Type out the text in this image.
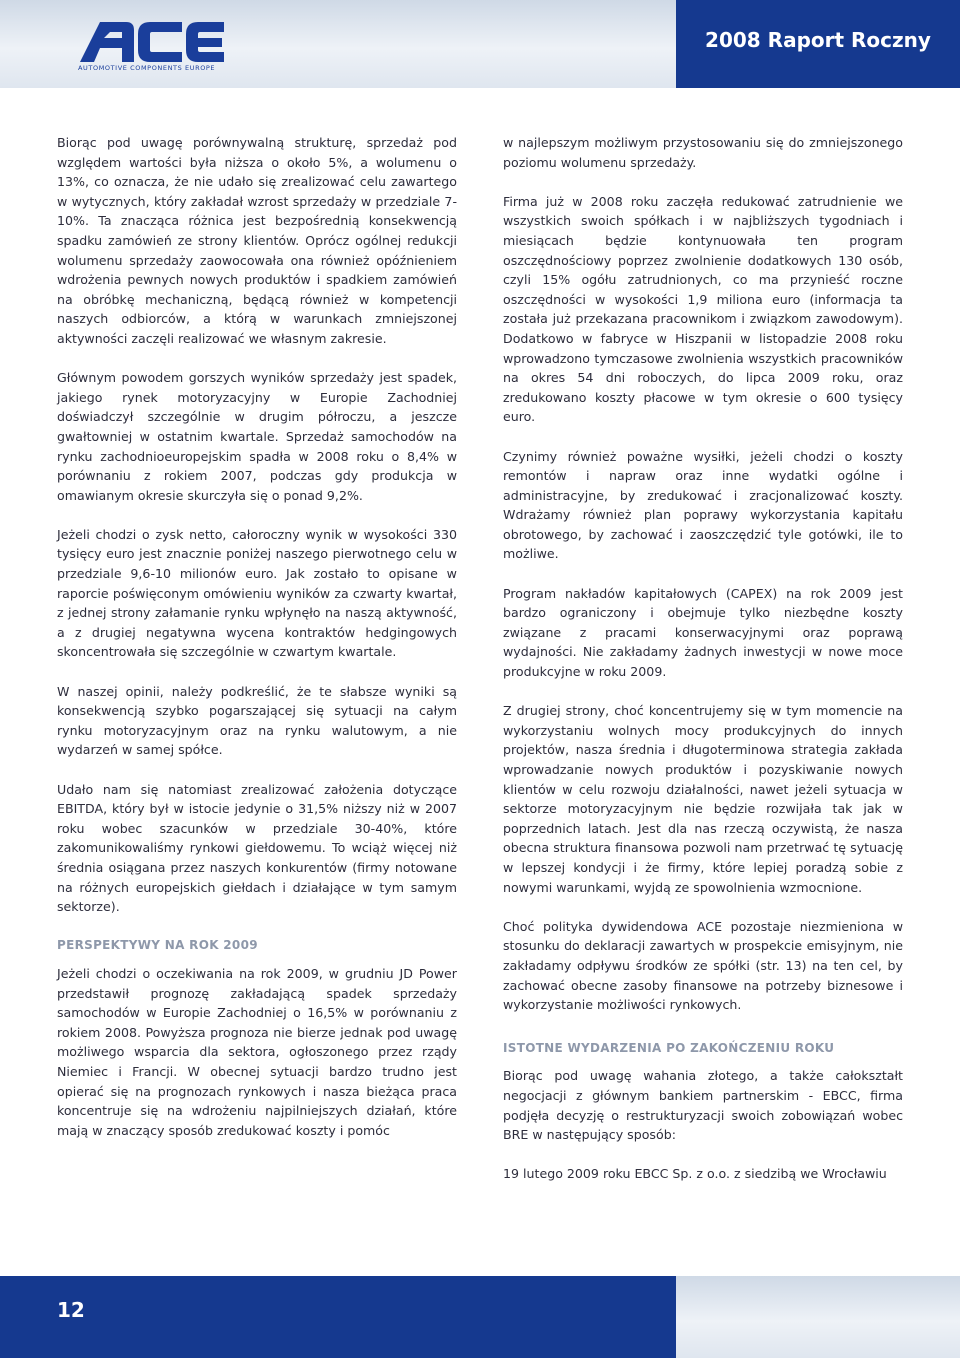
2008 Raport Roczny
AUTOMOTIVE COMPONENTS EUROPE

Biorąc pod uwagę porównywalną strukturę, sprzedaż pod względem wartości była niższa o około 5%, a wolumenu o 13%, co oznacza, że nie udało się zrealizować celu zawartego w wytycznych, który zakładał wzrost sprzedaży w przedziale 7-10%. Ta znacząca różnica jest bezpośrednią konsekwencją spadku zamówień ze strony klientów. Oprócz ogólnej redukcji wolumenu sprzedaży zaowocowała ona również opóźnieniem wdrożenia pewnych nowych produktów i spadkiem zamówień na obróbkę mechaniczną, będącą również w kompetencji naszych odbiorców, a którą w warunkach zmniejszonej aktywności zaczęli realizować we własnym zakresie.

Głównym powodem gorszych wyników sprzedaży jest spadek, jakiego rynek motoryzacyjny w Europie Zachodniej doświadczył szczególnie w drugim półroczu, a jeszcze gwałtowniej w ostatnim kwartale. Sprzedaż samochodów na rynku zachodnioeuropejskim spadła w 2008 roku o 8,4% w porównaniu z rokiem 2007, podczas gdy produkcja w omawianym okresie skurczyła się o ponad 9,2%.

Jeżeli chodzi o zysk netto, całoroczny wynik w wysokości 330 tysięcy euro jest znacznie poniżej naszego pierwotnego celu w przedziale 9,6-10 milionów euro. Jak zostało to opisane w raporcie poświęconym omówieniu wyników za czwarty kwartał, z jednej strony załamanie rynku wpłynęło na naszą aktywność, a z drugiej negatywna wycena kontraktów hedgingowych skoncentrowała się szczególnie w czwartym kwartale.

W naszej opinii, należy podkreślić, że te słabsze wyniki są konsekwencją szybko pogarszającej się sytuacji na całym rynku motoryzacyjnym oraz na rynku walutowym, a nie wydarzeń w samej spółce.

Udało nam się natomiast zrealizować założenia dotyczące EBITDA, który był w istocie jedynie o 31,5% niższy niż w 2007 roku wobec szacunków w przedziale 30-40%, które zakomunikowaliśmy rynkowi giełdowemu. To wciąż więcej niż średnia osiągana przez naszych konkurentów (firmy notowane na różnych europejskich giełdach i działające w tym samym sektorze).

PERSPEKTYWY NA ROK 2009

Jeżeli chodzi o oczekiwania na rok 2009, w grudniu JD Power przedstawił prognozę zakładającą spadek sprzedaży samochodów w Europie Zachodniej o 16,5% w porównaniu z rokiem 2008. Powyższa prognoza nie bierze jednak pod uwagę możliwego wsparcia dla sektora, ogłoszonego przez rządy Niemiec i Francji. W obecnej sytuacji bardzo trudno jest opierać się na prognozach rynkowych i nasza bieżąca praca koncentruje się na wdrożeniu najpilniejszych działań, które mają w znaczący sposób zredukować koszty i pomóc

w najlepszym możliwym przystosowaniu się do zmniejszonego poziomu wolumenu sprzedaży.

Firma już w 2008 roku zaczęła redukować zatrudnienie we wszystkich swoich spółkach i w najbliższych tygodniach i miesiącach będzie kontynuowała ten program oszczędnościowy poprzez zwolnienie dodatkowych 130 osób, czyli 15% ogółu zatrudnionych, co ma przynieść roczne oszczędności w wysokości 1,9 miliona euro (informacja ta została już przekazana pracownikom i związkom zawodowym). Dodatkowo w fabryce w Hiszpanii w listopadzie 2008 roku wprowadzono tymczasowe zwolnienia wszystkich pracowników na okres 54 dni roboczych, do lipca 2009 roku, oraz zredukowano koszty płacowe w tym okresie o 600 tysięcy euro.

Czynimy również poważne wysiłki, jeżeli chodzi o koszty remontów i napraw oraz inne wydatki ogólne i administracyjne, by zredukować i zracjonalizować koszty. Wdrażamy również plan poprawy wykorzystania kapitału obrotowego, by zachować i zaoszczędzić tyle gotówki, ile to możliwe.

Program nakładów kapitałowych (CAPEX) na rok 2009 jest bardzo ograniczony i obejmuje tylko niezbędne koszty związane z pracami konserwacyjnymi oraz poprawą wydajności. Nie zakładamy żadnych inwestycji w nowe moce produkcyjne w roku 2009.

Z drugiej strony, choć koncentrujemy się w tym momencie na wykorzystaniu wolnych mocy produkcyjnych do innych projektów, nasza średnia i długoterminowa strategia zakłada wprowadzanie nowych produktów i pozyskiwanie nowych klientów w celu rozwoju działalności, nawet jeżeli sytuacja w sektorze motoryzacyjnym nie będzie rozwijała tak jak w poprzednich latach. Jest dla nas rzeczą oczywistą, że nasza obecna struktura finansowa pozwoli nam przetrwać tę sytuację w lepszej kondycji i że firmy, które lepiej poradzą sobie z nowymi warunkami, wyjdą ze spowolnienia wzmocnione.

Choć polityka dywidendowa ACE pozostaje niezmieniona w stosunku do deklaracji zawartych w prospekcie emisyjnym, nie zakładamy odpływu środków ze spółki (str. 13) na ten cel, by zachować obecne zasoby finansowe na potrzeby biznesowe i wykorzystanie możliwości rynkowych.

ISTOTNE WYDARZENIA PO ZAKOŃCZENIU ROKU

Biorąc pod uwagę wahania złotego, a także całokształt negocjacji z głównym bankiem partnerskim - EBCC, firma podjęła decyzję o restrukturyzacji swoich zobowiązań wobec BRE w następujący sposób:

19 lutego 2009 roku EBCC Sp. z o.o. z siedzibą we Wrocławiu

12
